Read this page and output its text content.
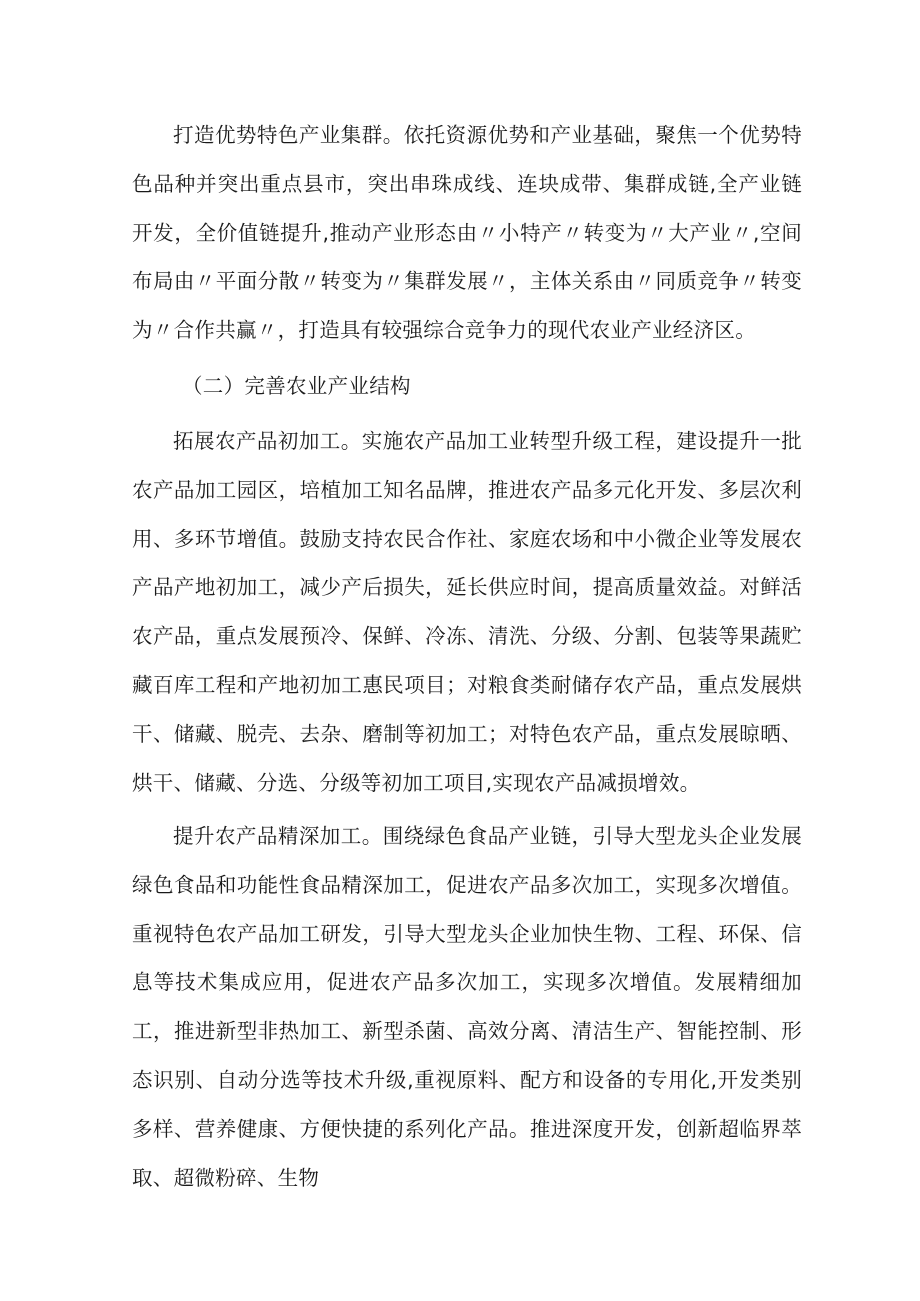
打造优势特色产业集群。依托资源优势和产业基础，聚焦一个优势特色品种并突出重点县市，突出串珠成线、连块成带、集群成链,全产业链开发，全价值链提升,推动产业形态由〃小特产〃转变为〃大产业〃,空间布局由〃平面分散〃转变为〃集群发展〃，主体关系由〃同质竞争〃转变为〃合作共赢〃，打造具有较强综合竞争力的现代农业产业经济区。

（二）完善农业产业结构

拓展农产品初加工。实施农产品加工业转型升级工程，建设提升一批农产品加工园区，培植加工知名品牌，推进农产品多元化开发、多层次利用、多环节增值。鼓励支持农民合作社、家庭农场和中小微企业等发展农产品产地初加工，减少产后损失，延长供应时间，提高质量效益。对鲜活农产品，重点发展预冷、保鲜、冷冻、清洗、分级、分割、包装等果蔬贮藏百库工程和产地初加工惠民项目；对粮食类耐储存农产品，重点发展烘干、储藏、脱壳、去杂、磨制等初加工；对特色农产品，重点发展晾晒、烘干、储藏、分选、分级等初加工项目,实现农产品减损增效。

提升农产品精深加工。围绕绿色食品产业链，引导大型龙头企业发展绿色食品和功能性食品精深加工，促进农产品多次加工，实现多次增值。重视特色农产品加工研发，引导大型龙头企业加快生物、工程、环保、信息等技术集成应用，促进农产品多次加工，实现多次增值。发展精细加工，推进新型非热加工、新型杀菌、高效分离、清洁生产、智能控制、形态识别、自动分选等技术升级,重视原料、配方和设备的专用化,开发类别多样、营养健康、方便快捷的系列化产品。推进深度开发，创新超临界萃取、超微粉碎、生物
